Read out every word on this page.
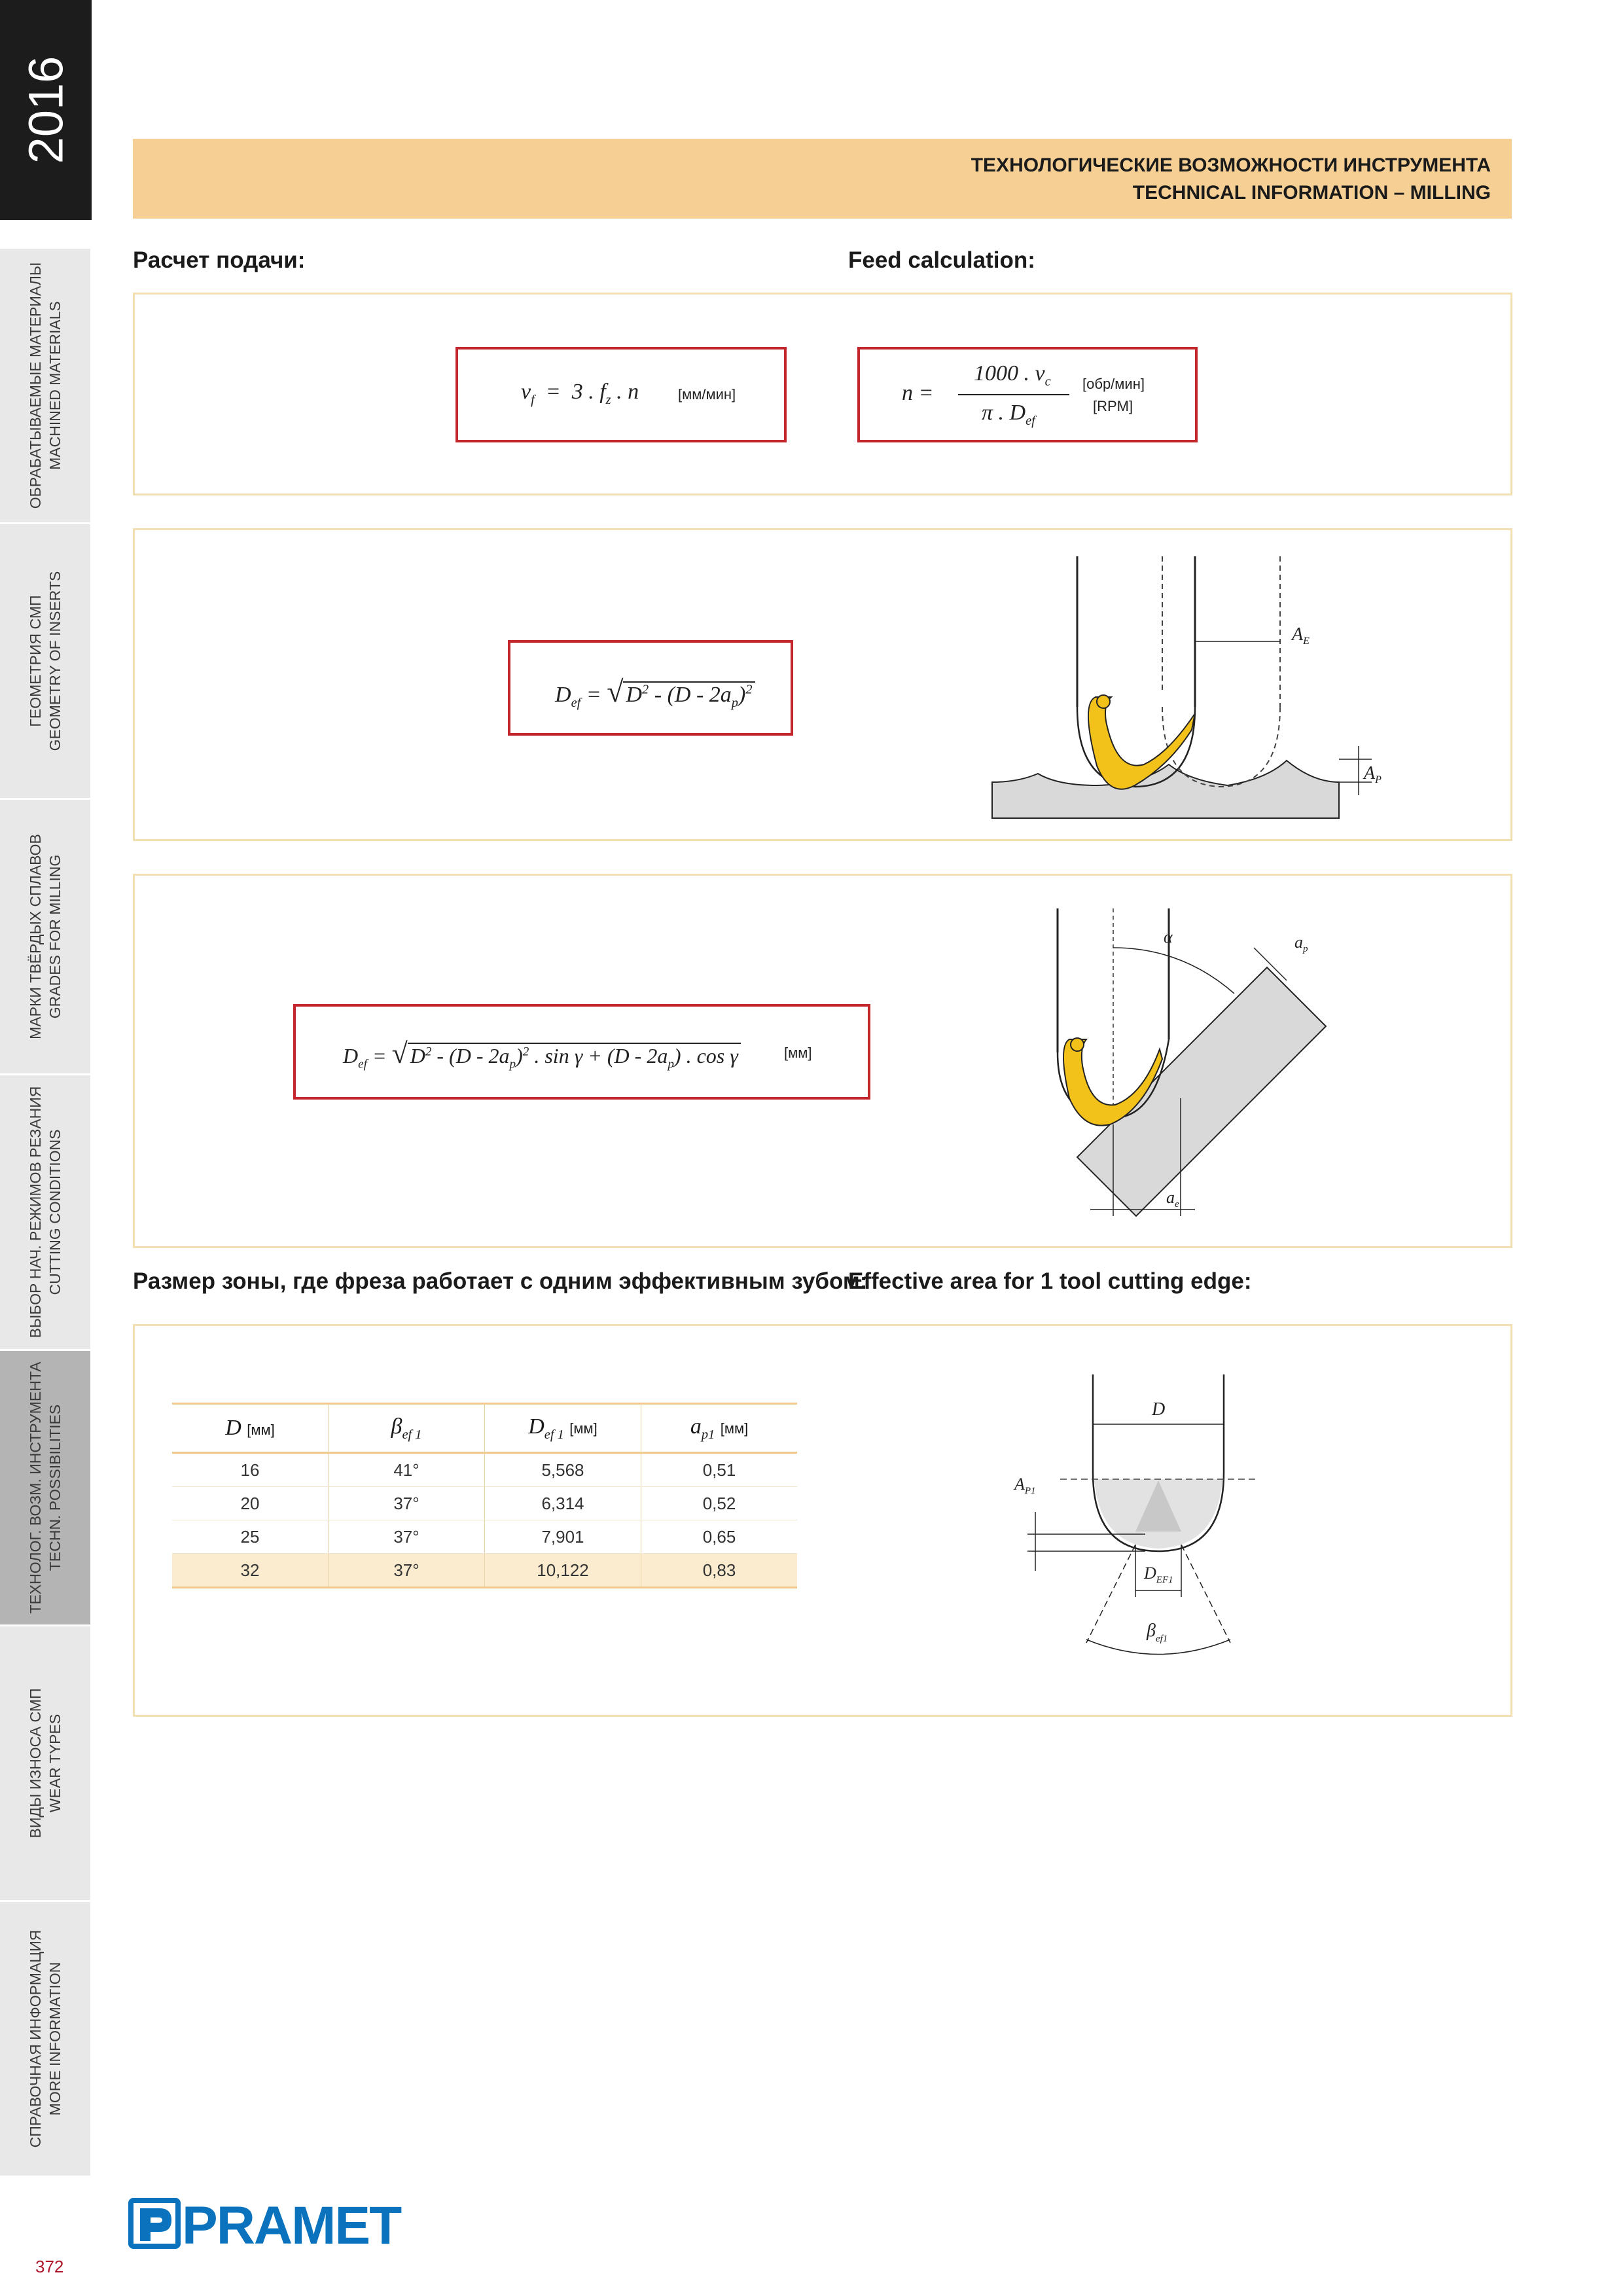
2016
ОБРАБАТЫВАЕМЫЕ МАТЕРИАЛЫ MACHINED MATERIALS
ГЕОМЕТРИЯ СМП GEOMETRY OF INSERTS
МАРКИ ТВЁРДЫХ СПЛАВОВ GRADES FOR MILLING
ВЫБОР НАЧ. РЕЖИМОВ РЕЗАНИЯ CUTTING CONDITIONS
ТЕХНОЛОГ. ВОЗМ. ИНСТРУМЕНТА TECHN. POSSIBILITIES
ВИДЫ ИЗНОСА СМП WEAR TYPES
СПРАВОЧНАЯ ИНФОРМАЦИЯ MORE INFORMATION
372
ТЕХНОЛОГИЧЕСКИЕ ВОЗМОЖНОСТИ ИНСТРУМЕНТА
TECHNICAL INFORMATION – MILLING
Расчет подачи:	Feed calculation:
$v_f = 3$ . $f_z$ . n	[мм/мин]	n =
1000 . $v_c$
π . $D_{ef}$
[обр/мин]
[RPM]
$D_{ef}$ = √ $D^2 - (D - 2a_p)^2$
$A_E$
$A_P$
$D_{ef}$ = √ $D^2 - (D - 2a_p)^2$ . $\sin \gamma + (D - 2a_p)$ . cos γ	[мм]
α	$a_p$
$a_e$
Размер зоны, где фреза работает с одним эффективным зубом:
Effective area for 1 tool cutting edge:
D [мм]	$\beta_{ef 1}$	$D_{ef 1}$ [мм]	$a_{p1}$ [мм]
16	41°	5,568	0,51
20	37°	6,314	0,52
25	37°	7,901	0,65
32	37°	10,122	0,83
D
$A_{P1}$
$D_{EF1}$
$\beta_{ef1}$
PRAMET
